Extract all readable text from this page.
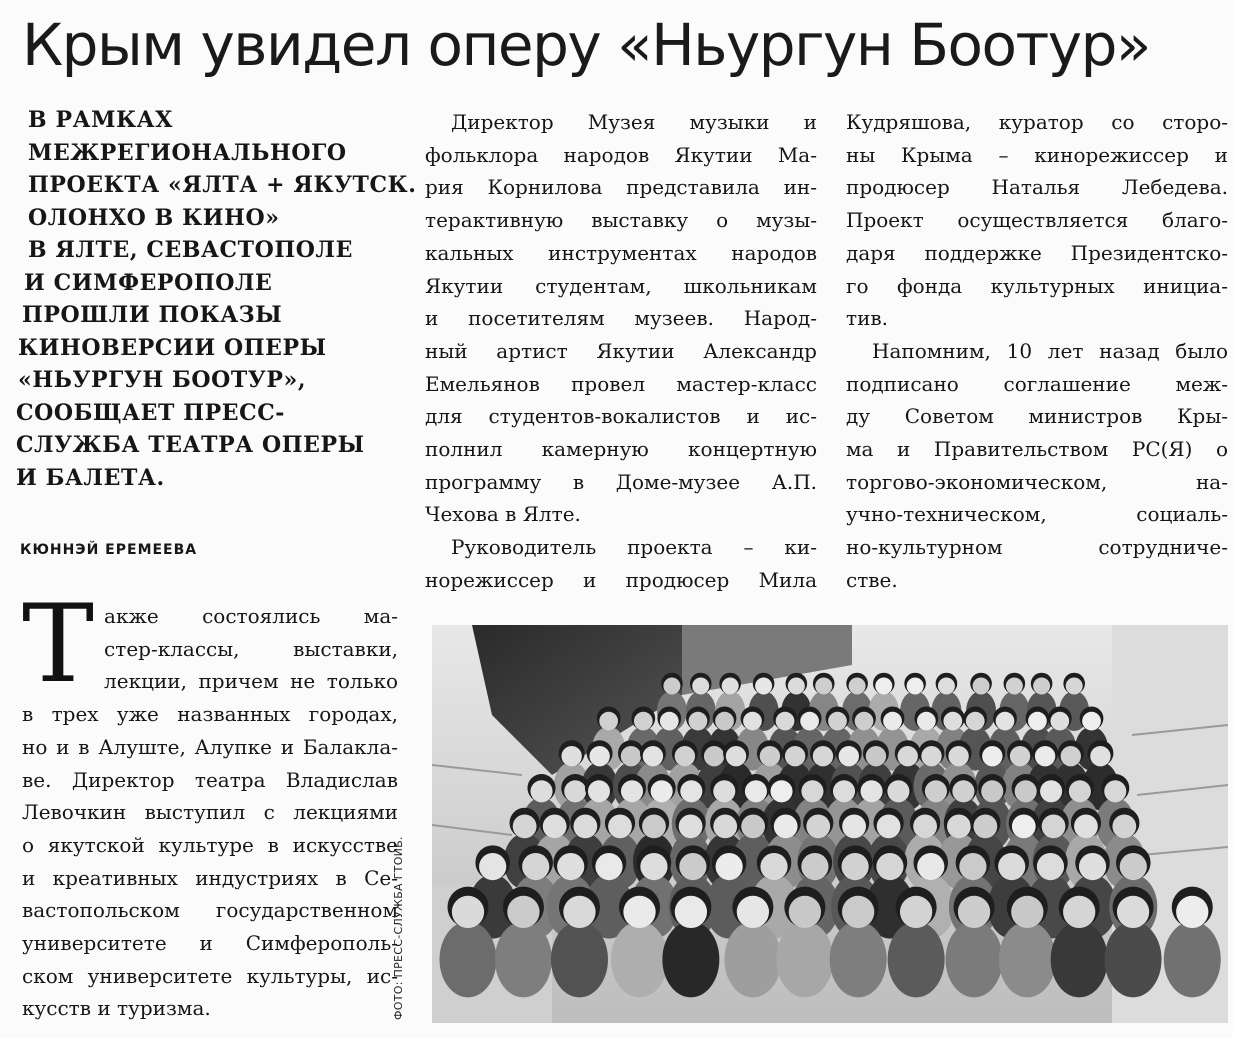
Крым увидел оперу «Ньургун Боотур»
В РАМКАХ
МЕЖРЕГИОНАЛЬНОГО
ПРОЕКТА «ЯЛТА + ЯКУТСК.
ОЛОНХО В КИНО»
В ЯЛТЕ, СЕВАСТОПОЛЕ
И СИМФЕРОПОЛЕ
ПРОШЛИ ПОКАЗЫ
КИНОВЕРСИИ ОПЕРЫ
«НЬУРГУН БООТУР»,
СООБЩАЕТ ПРЕСС-
СЛУЖБА ТЕАТРА ОПЕРЫ
И БАЛЕТА.
КЮННЭЙ ЕРЕМЕЕВА
Т акже состоялись ма-
стер-классы, выставки,
лекции, причем не только
в трех уже названных городах,
но и в Алуште, Алупке и Балакла-
ве. Директор театра Владислав
Левочкин выступил с лекциями
о якутской культуре в искусстве
и креативных индустриях в Се-
вастопольском государственном
университете и Симферополь-
ском университете культуры, ис-
кусств и туризма.
Директор Музея музыки и
фольклора народов Якутии Ма-
рия Корнилова представила ин-
терактивную выставку о музы-
кальных инструментах народов
Якутии студентам, школьникам
и посетителям музеев. Народ-
ный артист Якутии Александр
Емельянов провел мастер-класс
для студентов-вокалистов и ис-
полнил камерную концертную
программу в Доме-музее А.П.
Чехова в Ялте.
Руководитель проекта – ки-
норежиссер и продюсер Мила
Кудряшова, куратор со сторо-
ны Крыма – кинорежиссер и
продюсер Наталья Лебедева.
Проект осуществляется благо-
даря поддержке Президентско-
го фонда культурных инициа-
тив.
Напомним, 10 лет назад было
подписано соглашение меж-
ду Советом министров Кры-
ма и Правительством РС(Я) о
торгово-экономическом, на-
учно-техническом, социаль-
но-культурном сотрудниче-
стве.
ФОТО: ПРЕСС-СЛУЖБА ГТОИБ.
